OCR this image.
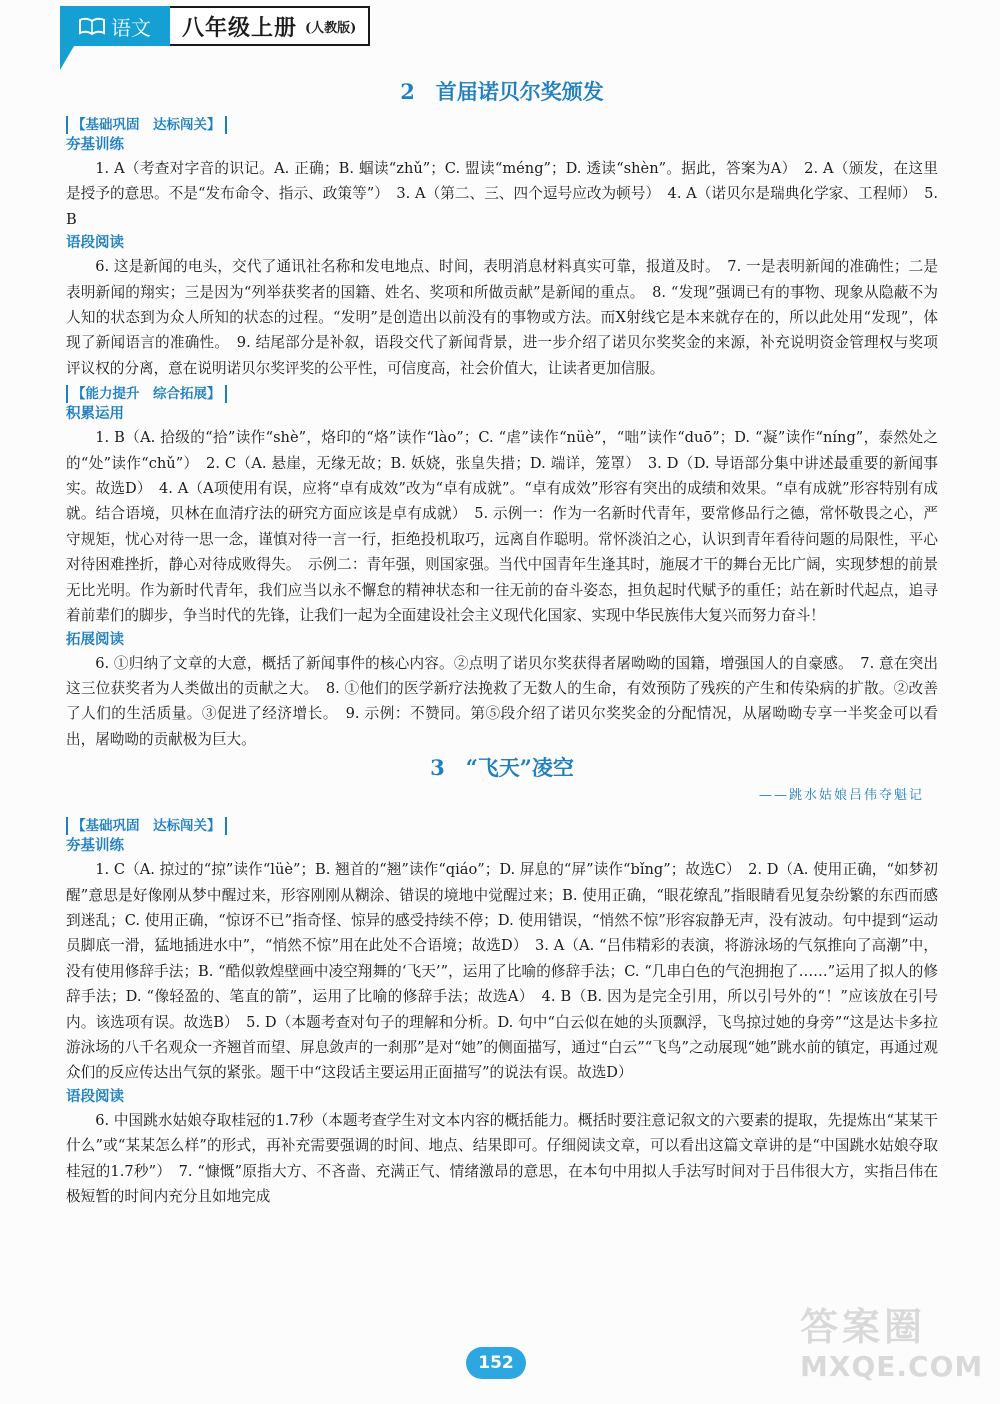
语文 八年级上册 (人教版)
2　首届诺贝尔奖颁发
【基础巩固　达标闯关】
夯基训练
1. A（考查对字音的识记。A. 正确；B. 蝈读“zhǔ”；C. 盟读“méng”；D. 透读“shèn”。据此，答案为A）　2. A（颁发，在这里是授予的意思。不是“发布命令、指示、政策等”）　3. A（第二、三、四个逗号应改为顿号）　4. A（诺贝尔是瑞典化学家、工程师）　5. B
语段阅读
6. 这是新闻的电头，交代了通讯社名称和发电地点、时间，表明消息材料真实可靠，报道及时。　7. 一是表明新闻的准确性；二是表明新闻的翔实；三是因为“列举获奖者的国籍、姓名、奖项和所做贡献”是新闻的重点。　8. “发现”强调已有的事物、现象从隐蔽不为人知的状态到为众人所知的状态的过程。“发明”是创造出以前没有的事物或方法。而X射线它是本来就存在的，所以此处用“发现”，体现了新闻语言的准确性。　9. 结尾部分是补叙，语段交代了新闻背景，进一步介绍了诺贝尔奖奖金的来源，补充说明资金管理权与奖项评议权的分离，意在说明诺贝尔奖评奖的公平性，可信度高，社会价值大，让读者更加信服。
【能力提升　综合拓展】
积累运用
1. B（A. 拾级的“拾”读作“shè”，烙印的“烙”读作“lào”；C. “虐”读作“nüè”，“咄”读作“duō”；D. “凝”读作“níng”，泰然处之的“处”读作“chǔ”）　2. C（A. 悬崖，无缘无故；B. 妖娆，张皇失措；D. 端详，笼罩）　3. D（D. 导语部分集中讲述最重要的新闻事实。故选D）　4. A（A项使用有误，应将“卓有成效”改为“卓有成就”。“卓有成效”形容有突出的成绩和效果。“卓有成就”形容特别有成就。结合语境，贝林在血清疗法的研究方面应该是卓有成就）　5. 示例一：作为一名新时代青年，要常修品行之德，常怀敬畏之心，严守规矩，忧心对待一思一念，谨慎对待一言一行，拒绝投机取巧，远离自作聪明。常怀淡泊之心，认识到青年看待问题的局限性，平心对待困难挫折，静心对待成败得失。　示例二：青年强，则国家强。当代中国青年生逢其时，施展才干的舞台无比广阔，实现梦想的前景无比光明。作为新时代青年，我们应当以永不懈怠的精神状态和一往无前的奋斗姿态，担负起时代赋予的重任；站在新时代起点，追寻着前辈们的脚步，争当时代的先锋，让我们一起为全面建设社会主义现代化国家、实现中华民族伟大复兴而努力奋斗！
拓展阅读
6. ①归纳了文章的大意，概括了新闻事件的核心内容。②点明了诺贝尔奖获得者屠呦呦的国籍，增强国人的自豪感。　7. 意在突出这三位获奖者为人类做出的贡献之大。　8. ①他们的医学新疗法挽救了无数人的生命，有效预防了残疾的产生和传染病的扩散。②改善了人们的生活质量。③促进了经济增长。　9. 示例：不赞同。第⑤段介绍了诺贝尔奖奖金的分配情况，从屠呦呦专享一半奖金可以看出，屠呦呦的贡献极为巨大。
3　“飞天”凌空
——跳水姑娘吕伟夺魁记
【基础巩固　达标闯关】
夯基训练
1. C（A. 掠过的“掠”读作“lüè”；B. 翘首的“翘”读作“qiáo”；D. 屏息的“屏”读作“bǐng”；故选C）　2. D（A. 使用正确，“如梦初醒”意思是好像刚从梦中醒过来，形容刚刚从糊涂、错误的境地中觉醒过来；B. 使用正确，“眼花缭乱”指眼睛看见复杂纷繁的东西而感到迷乱；C. 使用正确，“惊讶不已”指奇怪、惊异的感受持续不停；D. 使用错误，“悄然不惊”形容寂静无声，没有波动。句中提到“运动员脚底一滑，猛地插进水中”，“悄然不惊”用在此处不合语境；故选D）　3. A（A. “吕伟精彩的表演，将游泳场的气氛推向了高潮”中，没有使用修辞手法；B. “酷似敦煌壁画中凌空翔舞的‘飞天’”，运用了比喻的修辞手法；C. “几串白色的气泡拥抱了……”运用了拟人的修辞手法；D. “像轻盈的、笔直的箭”，运用了比喻的修辞手法；故选A）　4. B（B. 因为是完全引用，所以引号外的“！”应该放在引号内。该选项有误。故选B）　5. D（本题考查对句子的理解和分析。D. 句中“白云似在她的头顶飘浮，飞鸟掠过她的身旁”“这是达卡多拉游泳场的八千名观众一齐翘首而望、屏息敛声的一刹那”是对“她”的侧面描写，通过“白云”“飞鸟”之动展现“她”跳水前的镇定，再通过观众们的反应传达出气氛的紧张。题干中“这段话主要运用正面描写”的说法有误。故选D）
语段阅读
6. 中国跳水姑娘夺取桂冠的1.7秒（本题考查学生对文本内容的概括能力。概括时要注意记叙文的六要素的提取，先提炼出“某某干什么”或“某某怎么样”的形式，再补充需要强调的时间、地点、结果即可。仔细阅读文章，可以看出这篇文章讲的是“中国跳水姑娘夺取桂冠的1.7秒”）　7. “慷慨”原指大方、不吝啬、充满正气、情绪激昂的意思，在本句中用拟人手法写时间对于吕伟很大方，实指吕伟在极短暂的时间内充分且如地完成
152
答案圈
MXQE.COM
